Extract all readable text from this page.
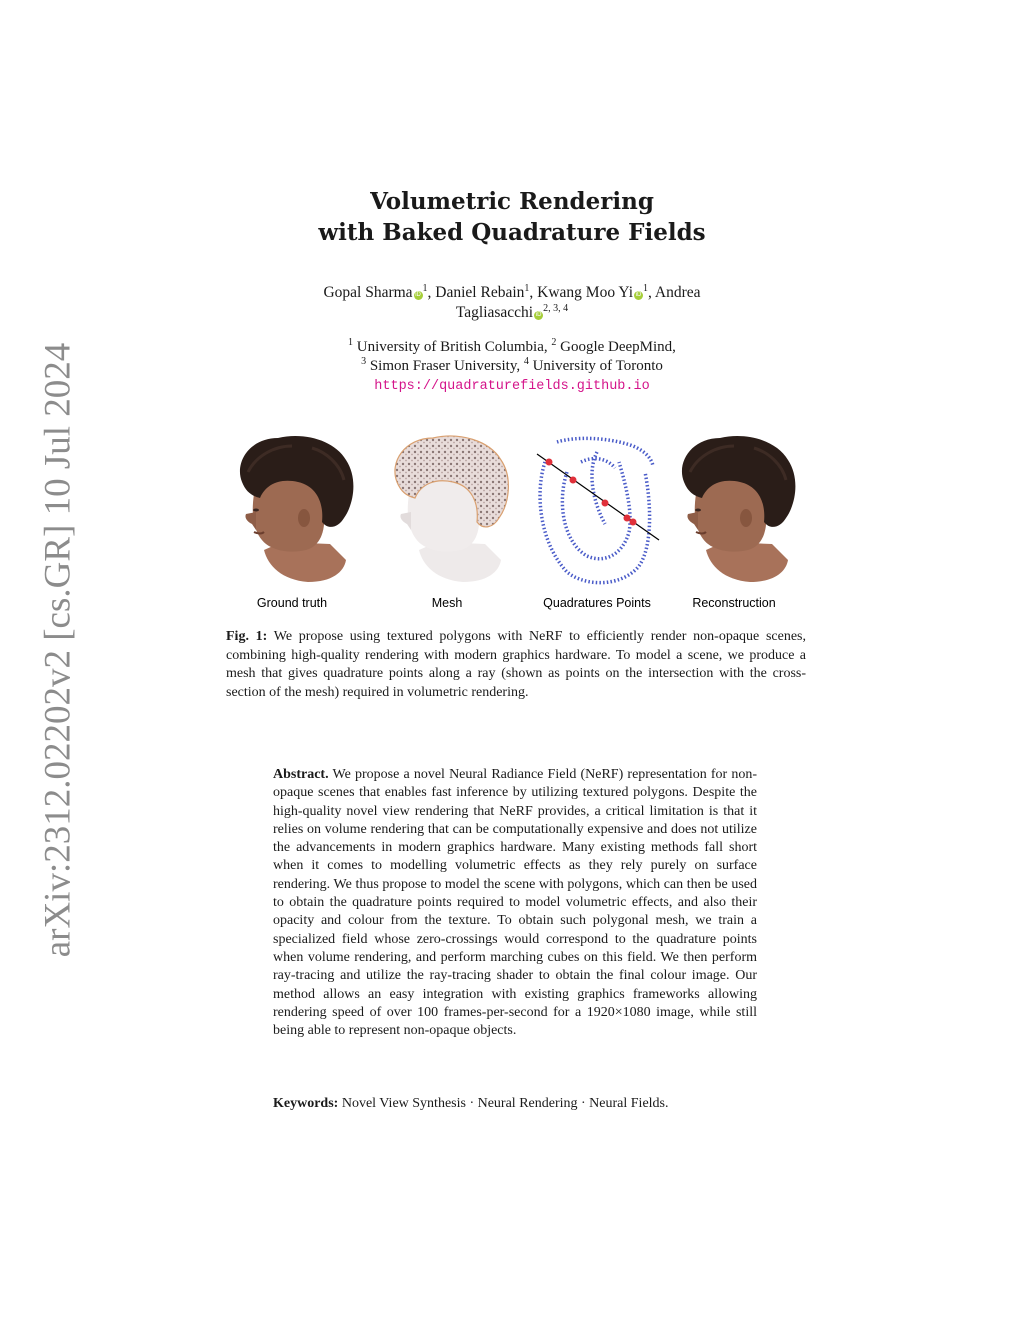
arXiv:2312.02202v2 [cs.GR] 10 Jul 2024
Volumetric Rendering
with Baked Quadrature Fields
Gopal Sharma $iD^1$, Daniel Rebain$^1$, Kwang Moo Yi $iD^1$, Andrea
Tagliasacchi iD$^{2, 3, 4}$
$^1$ University of British Columbia, $^2$ Google DeepMind,
$^3$ Simon Fraser University, $^4$ University of Toronto
https://quadraturefields.github.io
Ground truth	Mesh	Quadratures Points	Reconstruction
Fig. 1: We propose using textured polygons with NeRF to efficiently render non-opaque scenes, combining high-quality rendering with modern graphics hardware. To model a scene, we produce a mesh that gives quadrature points along a ray (shown as points on the intersection with the cross-section of the mesh) required in volumetric rendering.
Abstract. We propose a novel Neural Radiance Field (NeRF) representation for non-opaque scenes that enables fast inference by utilizing textured polygons. Despite the high-quality novel view rendering that NeRF provides, a critical limitation is that it relies on volume rendering that can be computationally expensive and does not utilize the advancements in modern graphics hardware. Many existing methods fall short when it comes to modelling volumetric effects as they rely purely on surface rendering. We thus propose to model the scene with polygons, which can then be used to obtain the quadrature points required to model volumetric effects, and also their opacity and colour from the texture. To obtain such polygonal mesh, we train a specialized field whose zero-crossings would correspond to the quadrature points when volume rendering, and perform marching cubes on this field. We then perform ray-tracing and utilize the ray-tracing shader to obtain the final colour image. Our method allows an easy integration with existing graphics frameworks allowing rendering speed of over 100 frames-per-second for a 1920×1080 image, while still being able to represent non-opaque objects.
Keywords: Novel View Synthesis · Neural Rendering · Neural Fields.
